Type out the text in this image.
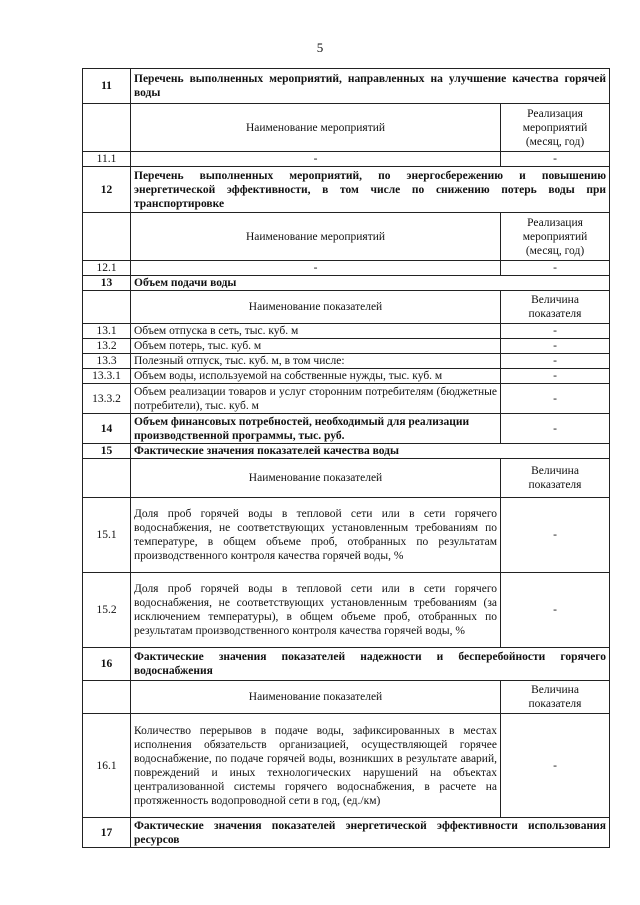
5
11	Перечень выполненных мероприятий, направленных на улучшение качества горячей воды	
	Наименование мероприятий	Реализация мероприятий (месяц, год)
11.1	-	-
12	Перечень выполненных мероприятий, по энергосбережению и повышению энергетической эффективности, в том числе по снижению потерь воды при транспортировке	
	Наименование мероприятий	Реализация мероприятий (месяц, год)
12.1	-	-
13	Объем подачи воды	
	Наименование показателей	Величина показателя
13.1	Объем отпуска в сеть, тыс. куб. м	-
13.2	Объем потерь, тыс. куб. м	-
13.3	Полезный отпуск, тыс. куб. м, в том числе:	-
13.3.1	Объем воды, используемой на собственные нужды, тыс. куб. м	-
13.3.2	Объем реализации товаров и услуг сторонним потребителям (бюджетные потребители), тыс. куб. м	-
14	Объем финансовых потребностей, необходимый для реализации производственной программы, тыс. руб.	-
15	Фактические значения показателей качества воды	
	Наименование показателей	Величина показателя
15.1	Доля проб горячей воды в тепловой сети или в сети горячего водоснабжения, не соответствующих установленным требованиям по температуре, в общем объеме проб, отобранных по результатам производственного контроля качества горячей воды, %	-
15.2	Доля проб горячей воды в тепловой сети или в сети горячего водоснабжения, не соответствующих установленным требованиям (за исключением температуры), в общем объеме проб, отобранных по результатам производственного контроля качества горячей воды, %	-
16	Фактические значения показателей надежности и бесперебойности горячего водоснабжения	
	Наименование показателей	Величина показателя
16.1	Количество перерывов в подаче воды, зафиксированных в местах исполнения обязательств организацией, осуществляющей горячее водоснабжение, по подаче горячей воды, возникших в результате аварий, повреждений и иных технологических нарушений на объектах централизованной системы горячего водоснабжения, в расчете на протяженность водопроводной сети в год, (ед./км)	-
17	Фактические значения показателей энергетической эффективности использования ресурсов	
